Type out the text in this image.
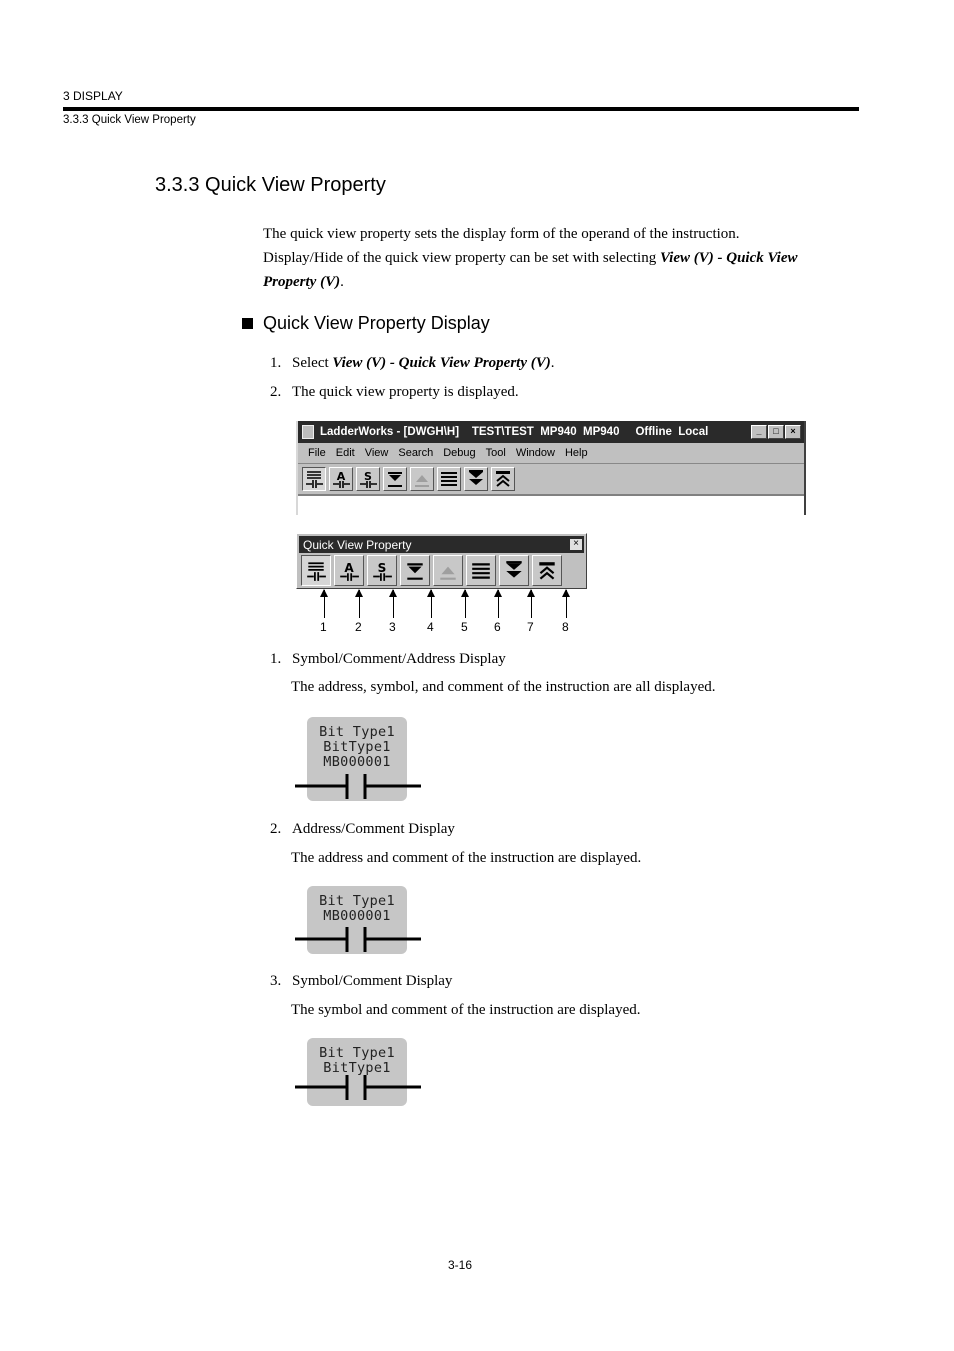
3 DISPLAY
3.3.3 Quick View Property
3.3.3 Quick View Property
The quick view property sets the display form of the operand of the instruction.
Display/Hide of the quick view property can be set with selecting View (V) - Quick View Property (V).
Quick View Property Display
1. Select View (V) - Quick View Property (V).
2. The quick view property is displayed.
LadderWorks - [DWGH\H]    TEST\TEST  MP940  MP940     Offline  Local	_	□	×
File Edit View Search Debug Tool Window Help
A S
Quick View Property	×
A S
1 2 3	4 5 6 7 8
1. Symbol/Comment/Address Display
The address, symbol, and comment of the instruction are all displayed.
Bit Type1
BitType1
MB000001
2. Address/Comment Display
The address and comment of the instruction are displayed.
Bit Type1
MB000001
3. Symbol/Comment Display
The symbol and comment of the instruction are displayed.
Bit Type1
BitType1
3-16
